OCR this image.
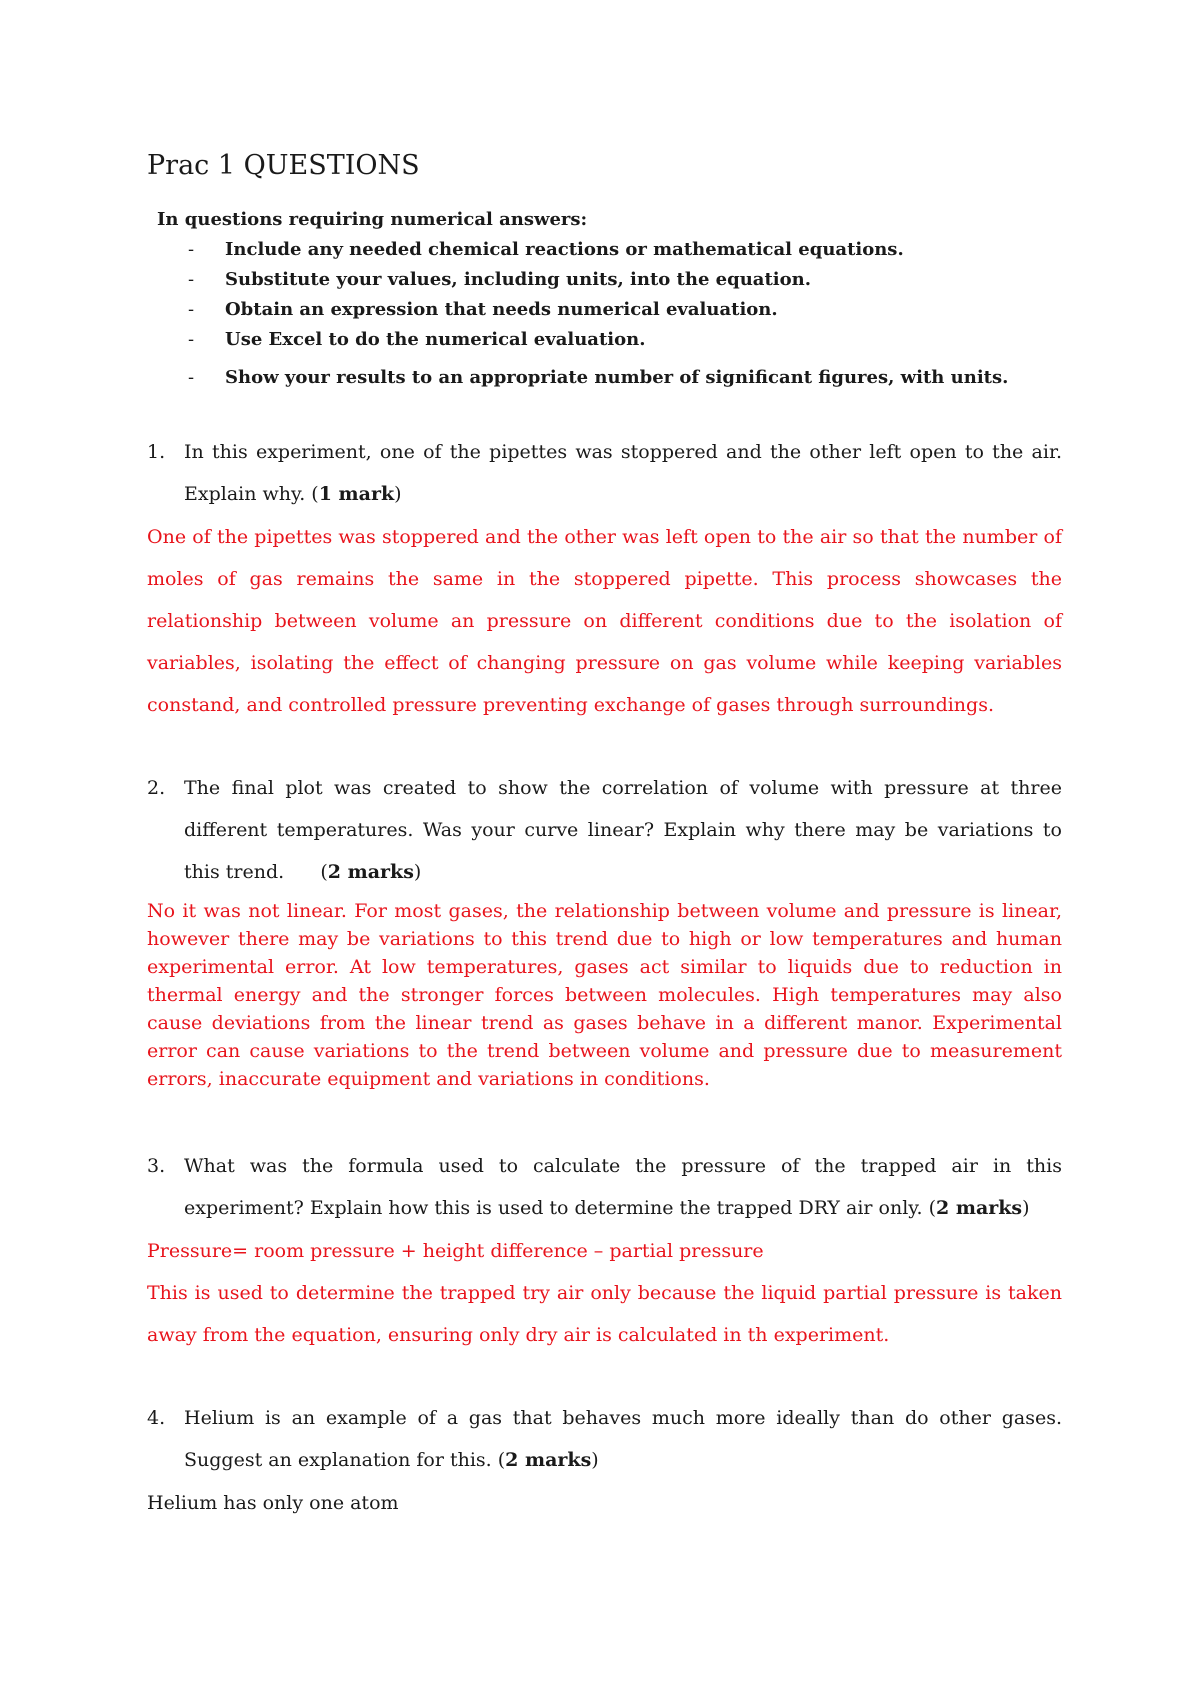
Prac 1 QUESTIONS
In questions requiring numerical answers:
- Include any needed chemical reactions or mathematical equations.
- Substitute your values, including units, into the equation.
- Obtain an expression that needs numerical evaluation.
- Use Excel to do the numerical evaluation.
- Show your results to an appropriate number of significant figures, with units.
1. In this experiment, one of the pipettes was stoppered and the other left open to the air. Explain why. (1 mark)

One of the pipettes was stoppered and the other was left open to the air so that the number of moles of gas remains the same in the stoppered pipette. This process showcases the relationship between volume an pressure on different conditions due to the isolation of variables, isolating the effect of changing pressure on gas volume while keeping variables constand, and controlled pressure preventing exchange of gases through surroundings.

2. The final plot was created to show the correlation of volume with pressure at three different temperatures. Was your curve linear? Explain why there may be variations to this trend.      (2 marks)

No it was not linear. For most gases, the relationship between volume and pressure is linear, however there may be variations to this trend due to high or low temperatures and human experimental error. At low temperatures, gases act similar to liquids due to reduction in thermal energy and the stronger forces between molecules. High temperatures may also cause deviations from the linear trend as gases behave in a different manor. Experimental error can cause variations to the trend between volume and pressure due to measurement errors, inaccurate equipment and variations in conditions.

3. What was the formula used to calculate the pressure of the trapped air in this experiment? Explain how this is used to determine the trapped DRY air only. (2 marks)

Pressure= room pressure + height difference – partial pressure

This is used to determine the trapped try air only because the liquid partial pressure is taken away from the equation, ensuring only dry air is calculated in th experiment.

4. Helium is an example of a gas that behaves much more ideally than do other gases. Suggest an explanation for this. (2 marks)
Helium has only one atom
